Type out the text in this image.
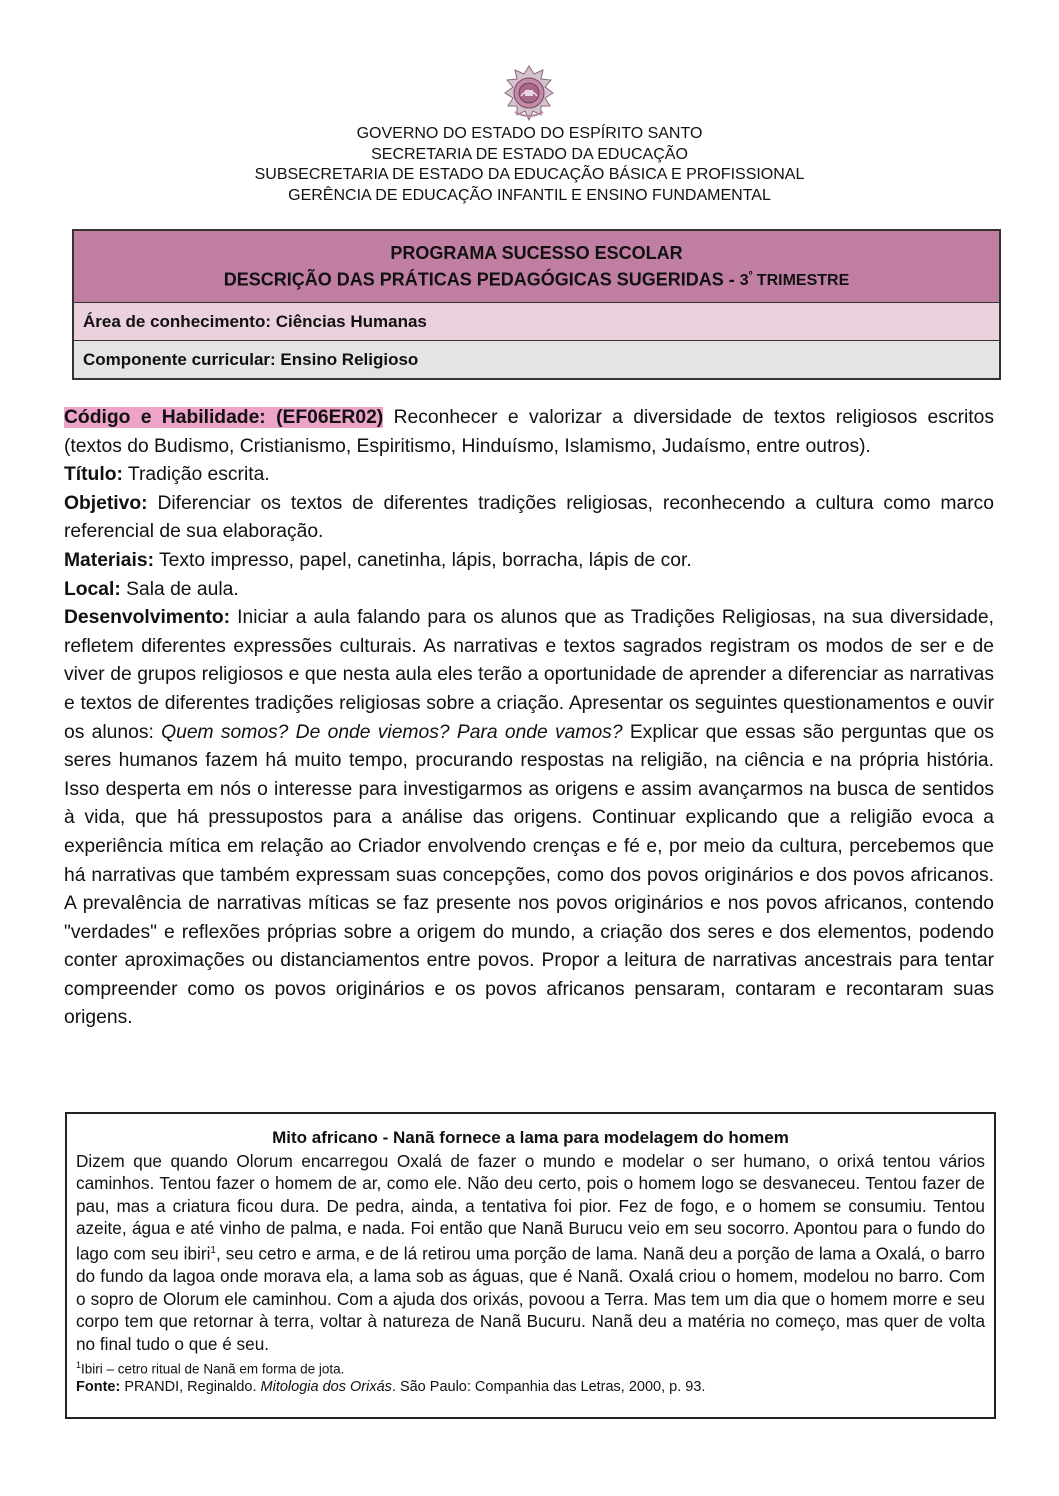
GOVERNO DO ESTADO DO ESPÍRITO SANTO
SECRETARIA DE ESTADO DA EDUCAÇÃO
SUBSECRETARIA DE ESTADO DA EDUCAÇÃO BÁSICA E PROFISSIONAL
GERÊNCIA DE EDUCAÇÃO INFANTIL E ENSINO FUNDAMENTAL
PROGRAMA SUCESSO ESCOLAR
DESCRIÇÃO DAS PRÁTICAS PEDAGÓGICAS SUGERIDAS - $3^º$ TRIMESTRE
Área de conhecimento: Ciências Humanas
Componente curricular: Ensino Religioso

Código e Habilidade: (EF06ER02) Reconhecer e valorizar a diversidade de textos religiosos escritos (textos do Budismo, Cristianismo, Espiritismo, Hinduísmo, Islamismo, Judaísmo, entre outros).

Título: Tradição escrita.

Objetivo: Diferenciar os textos de diferentes tradições religiosas, reconhecendo a cultura como marco referencial de sua elaboração.

Materiais: Texto impresso, papel, canetinha, lápis, borracha, lápis de cor.

Local: Sala de aula.

Desenvolvimento: Iniciar a aula falando para os alunos que as Tradições Religiosas, na sua diversidade, refletem diferentes expressões culturais. As narrativas e textos sagrados registram os modos de ser e de viver de grupos religiosos e que nesta aula eles terão a oportunidade de aprender a diferenciar as narrativas e textos de diferentes tradições religiosas sobre a criação. Apresentar os seguintes questionamentos e ouvir os alunos: Quem somos? De onde viemos? Para onde vamos? Explicar que essas são perguntas que os seres humanos fazem há muito tempo, procurando respostas na religião, na ciência e na própria história. Isso desperta em nós o interesse para investigarmos as origens e assim avançarmos na busca de sentidos à vida, que há pressupostos para a análise das origens. Continuar explicando que a religião evoca a experiência mítica em relação ao Criador envolvendo crenças e fé e, por meio da cultura, percebemos que há narrativas que também expressam suas concepções, como dos povos originários e dos povos africanos. A prevalência de narrativas míticas se faz presente nos povos originários e nos povos africanos, contendo "verdades" e reflexões próprias sobre a origem do mundo, a criação dos seres e dos elementos, podendo conter aproximações ou distanciamentos entre povos. Propor a leitura de narrativas ancestrais para tentar compreender como os povos originários e os povos africanos pensaram, contaram e recontaram suas origens.

Mito africano - Nanã fornece a lama para modelagem do homem

Dizem que quando Olorum encarregou Oxalá de fazer o mundo e modelar o ser humano, o orixá tentou vários caminhos. Tentou fazer o homem de ar, como ele. Não deu certo, pois o homem logo se desvaneceu. Tentou fazer de pau, mas a criatura ficou dura. De pedra, ainda, a tentativa foi pior. Fez de fogo, e o homem se consumiu. Tentou azeite, água e até vinho de palma, e nada. Foi então que Nanã Burucu veio em seu socorro. Apontou para o fundo do lago com seu ibiri$^1$, seu cetro e arma, e de lá retirou uma porção de lama. Nanã deu a porção de lama a Oxalá, o barro do fundo da lagoa onde morava ela, a lama sob as águas, que é Nanã. Oxalá criou o homem, modelou no barro. Com o sopro de Olorum ele caminhou. Com a ajuda dos orixás, povoou a Terra. Mas tem um dia que o homem morre e seu corpo tem que retornar à terra, voltar à natureza de Nanã Bucuru. Nanã deu a matéria no começo, mas quer de volta no final tudo o que é seu.

$^1$Ibiri – cetro ritual de Nanã em forma de jota.

Fonte: PRANDI, Reginaldo. Mitologia dos Orixás. São Paulo: Companhia das Letras, 2000, p. 93.
